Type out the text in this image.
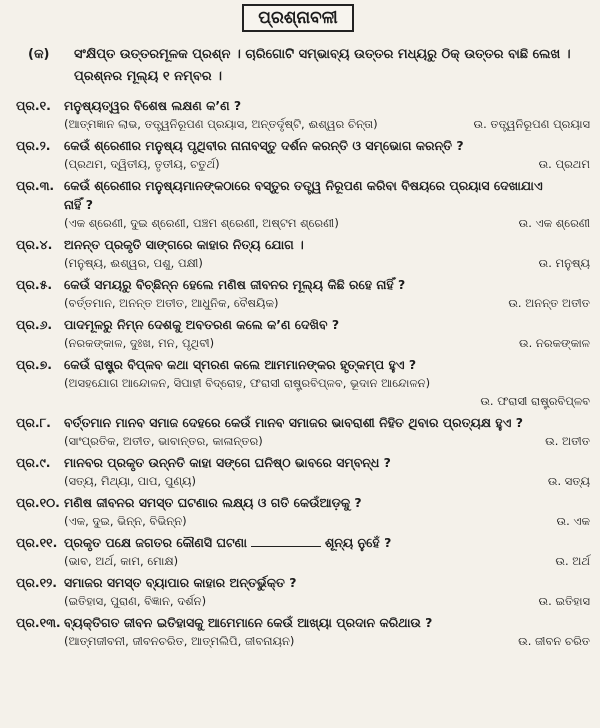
ପ୍ରଶ୍ନାବଳୀ
(କ) ସଂକ୍ଷିପ୍ତ ଉତ୍ତରମୂଳକ ପ୍ରଶ୍ନ । ଚାରିଗୋଟି ସମ୍ଭାବ୍ୟ ଉତ୍ତର ମଧ୍ୟରୁ ଠିକ୍ ଉତ୍ତର ବାଛି ଲେଖ ।
ପ୍ରଶ୍ନର ମୂଲ୍ୟ ୧ ନମ୍ବର ।
ପ୍ର.୧. ମନୁଷ୍ୟତ୍ୱର ବିଶେଷ ଲକ୍ଷଣ କ’ଣ ?
(ଆତ୍ମଜ୍ଞାନ ଲାଭ, ତତ୍ତ୍ୱନିରୂପଣ ପ୍ରୟାସ, ଅନ୍ତର୍ଦୃଷ୍ଟି, ଈଶ୍ୱର ଚିନ୍ତା)	ଉ. ତତ୍ତ୍ୱନିରୂପଣ ପ୍ରୟାସ
ପ୍ର.୨. କେଉଁ ଶ୍ରେଣୀର ମନୁଷ୍ୟ ପୃଥିବୀର ନାନାବସ୍ତୁ ଦର୍ଶନ କରନ୍ତି ଓ ସମ୍ଭୋଗ କରନ୍ତି ?
(ପ୍ରଥମ, ଦ୍ୱିତୀୟ, ତୃତୀୟ, ଚତୁର୍ଥ)	ଉ. ପ୍ରଥମ
ପ୍ର.୩. କେଉଁ ଶ୍ରେଣୀର ମନୁଷ୍ୟମାନଙ୍କଠାରେ ବସ୍ତୁର ତତ୍ତ୍ୱ ନିରୂପଣ କରିବା ବିଷୟରେ ପ୍ରୟାସ ଦେଖାଯାଏ
ନାହିଁ ?
(ଏକ ଶ୍ରେଣୀ, ଦୁଇ ଶ୍ରେଣୀ, ପଞ୍ଚମ ଶ୍ରେଣୀ, ଅଷ୍ଟମ ଶ୍ରେଣୀ)	ଉ. ଏକ ଶ୍ରେଣୀ
ପ୍ର.୪. ଅନନ୍ତ ପ୍ରକୃତି ସାଙ୍ଗରେ କାହାର ନିତ୍ୟ ଯୋଗ ।
(ମନୁଷ୍ୟ, ଈଶ୍ୱର, ପଶୁ, ପକ୍ଷୀ)	ଉ. ମନୁଷ୍ୟ
ପ୍ର.୫. କେଉଁ ସମୟରୁ ବିଚ୍ଛିନ୍ନ ହେଲେ ମଣିଷ ଜୀବନର ମୂଲ୍ୟ କିଛି ରହେ ନାହିଁ ?
(ବର୍ତ୍ତମାନ, ଅନନ୍ତ ଅତୀତ, ଆଧୁନିକ, ବୈଷୟିକ)	ଉ. ଅନନ୍ତ ଅତୀତ
ପ୍ର.୬. ପାଦମୂଳରୁ ନିମ୍ନ ଦେଶକୁ ଅବତରଣ କଲେ କ’ଣ ଦେଖିବ ?
(ନରକଙ୍କାଳ, ଦୁଃଖ, ମନ, ପୃଥିବୀ)	ଉ. ନରକଙ୍କାଳ
ପ୍ର.୭. କେଉଁ ରାଷ୍ଟ୍ର ବିପ୍ଳବ କଥା ସ୍ମରଣ କଲେ ଆମମାନଙ୍କର ହୃତ୍‌କମ୍ପ ହୁଏ ?
(ଅସହଯୋଗ ଆନ୍ଦୋଳନ, ସିପାହୀ ବିଦ୍ରୋହ, ଫରାସୀ ରାଷ୍ଟ୍ରବିପ୍ଳବ, ଭୂଦାନ ଆନ୍ଦୋଳନ)
ଉ. ଫରାସୀ ରାଷ୍ଟ୍ରବିପ୍ଳବ
ପ୍ର.୮. ବର୍ତ୍ତମାନ ମାନବ ସମାଜ ଦେହରେ କେଉଁ ମାନବ ସମାଜର ଭାବରାଶୀ ନିହିତ ଥିବାର ପ୍ରତ୍ୟକ୍ଷ ହୁଏ ?
(ସାଂପ୍ରତିକ, ଅତୀତ, ଭାବାନ୍ତର, କାଳାନ୍ତର)	ଉ. ଅତୀତ
ପ୍ର.୯. ମାନବର ପ୍ରକୃତ ଉନ୍ନତି କାହା ସଙ୍ଗେ ଘନିଷ୍ଠ ଭାବରେ ସମ୍ବନ୍ଧ ?
(ସତ୍ୟ, ମିଥ୍ୟା, ପାପ, ପୁଣ୍ୟ)	ଉ. ସତ୍ୟ
ପ୍ର.୧୦. ମଣିଷ ଜୀବନର ସମସ୍ତ ଘଟଣାର ଲକ୍ଷ୍ୟ ଓ ଗତି କେଉଁଆଡ଼କୁ ?
(ଏକ, ଦୁଇ, ଭିନ୍ନ, ବିଭିନ୍ନ)	ଉ. ଏକ
ପ୍ର.୧୧. ପ୍ରକୃତ ପକ୍ଷେ ଜଗତର କୌଣସି ଘଟଣା	ଶୂନ୍ୟ ନୁହେଁ ?
(ଭାବ, ଅର୍ଥ, କାମ, ମୋକ୍ଷ)	ଉ. ଅର୍ଥ
ପ୍ର.୧୨. ସମାଜର ସମସ୍ତ ବ୍ୟାପାର କାହାର ଅନ୍ତର୍ଭୁକ୍ତ ?
(ଇତିହାସ, ପୁରାଣ, ବିଜ୍ଞାନ, ଦର୍ଶନ)	ଉ. ଇତିହାସ
ପ୍ର.୧୩. ବ୍ୟକ୍ତିଗତ ଜୀବନ ଇତିହାସକୁ ଆମେମାନେ କେଉଁ ଆଖ୍ୟା ପ୍ରଦାନ କରିଥାଉ ?
(ଆତ୍ମଜୀବନୀ, ଜୀବନଚରିତ, ଆତ୍ମଲିପି, ଜୀବନାୟନ)	ଉ. ଜୀବନ ଚରିତ
